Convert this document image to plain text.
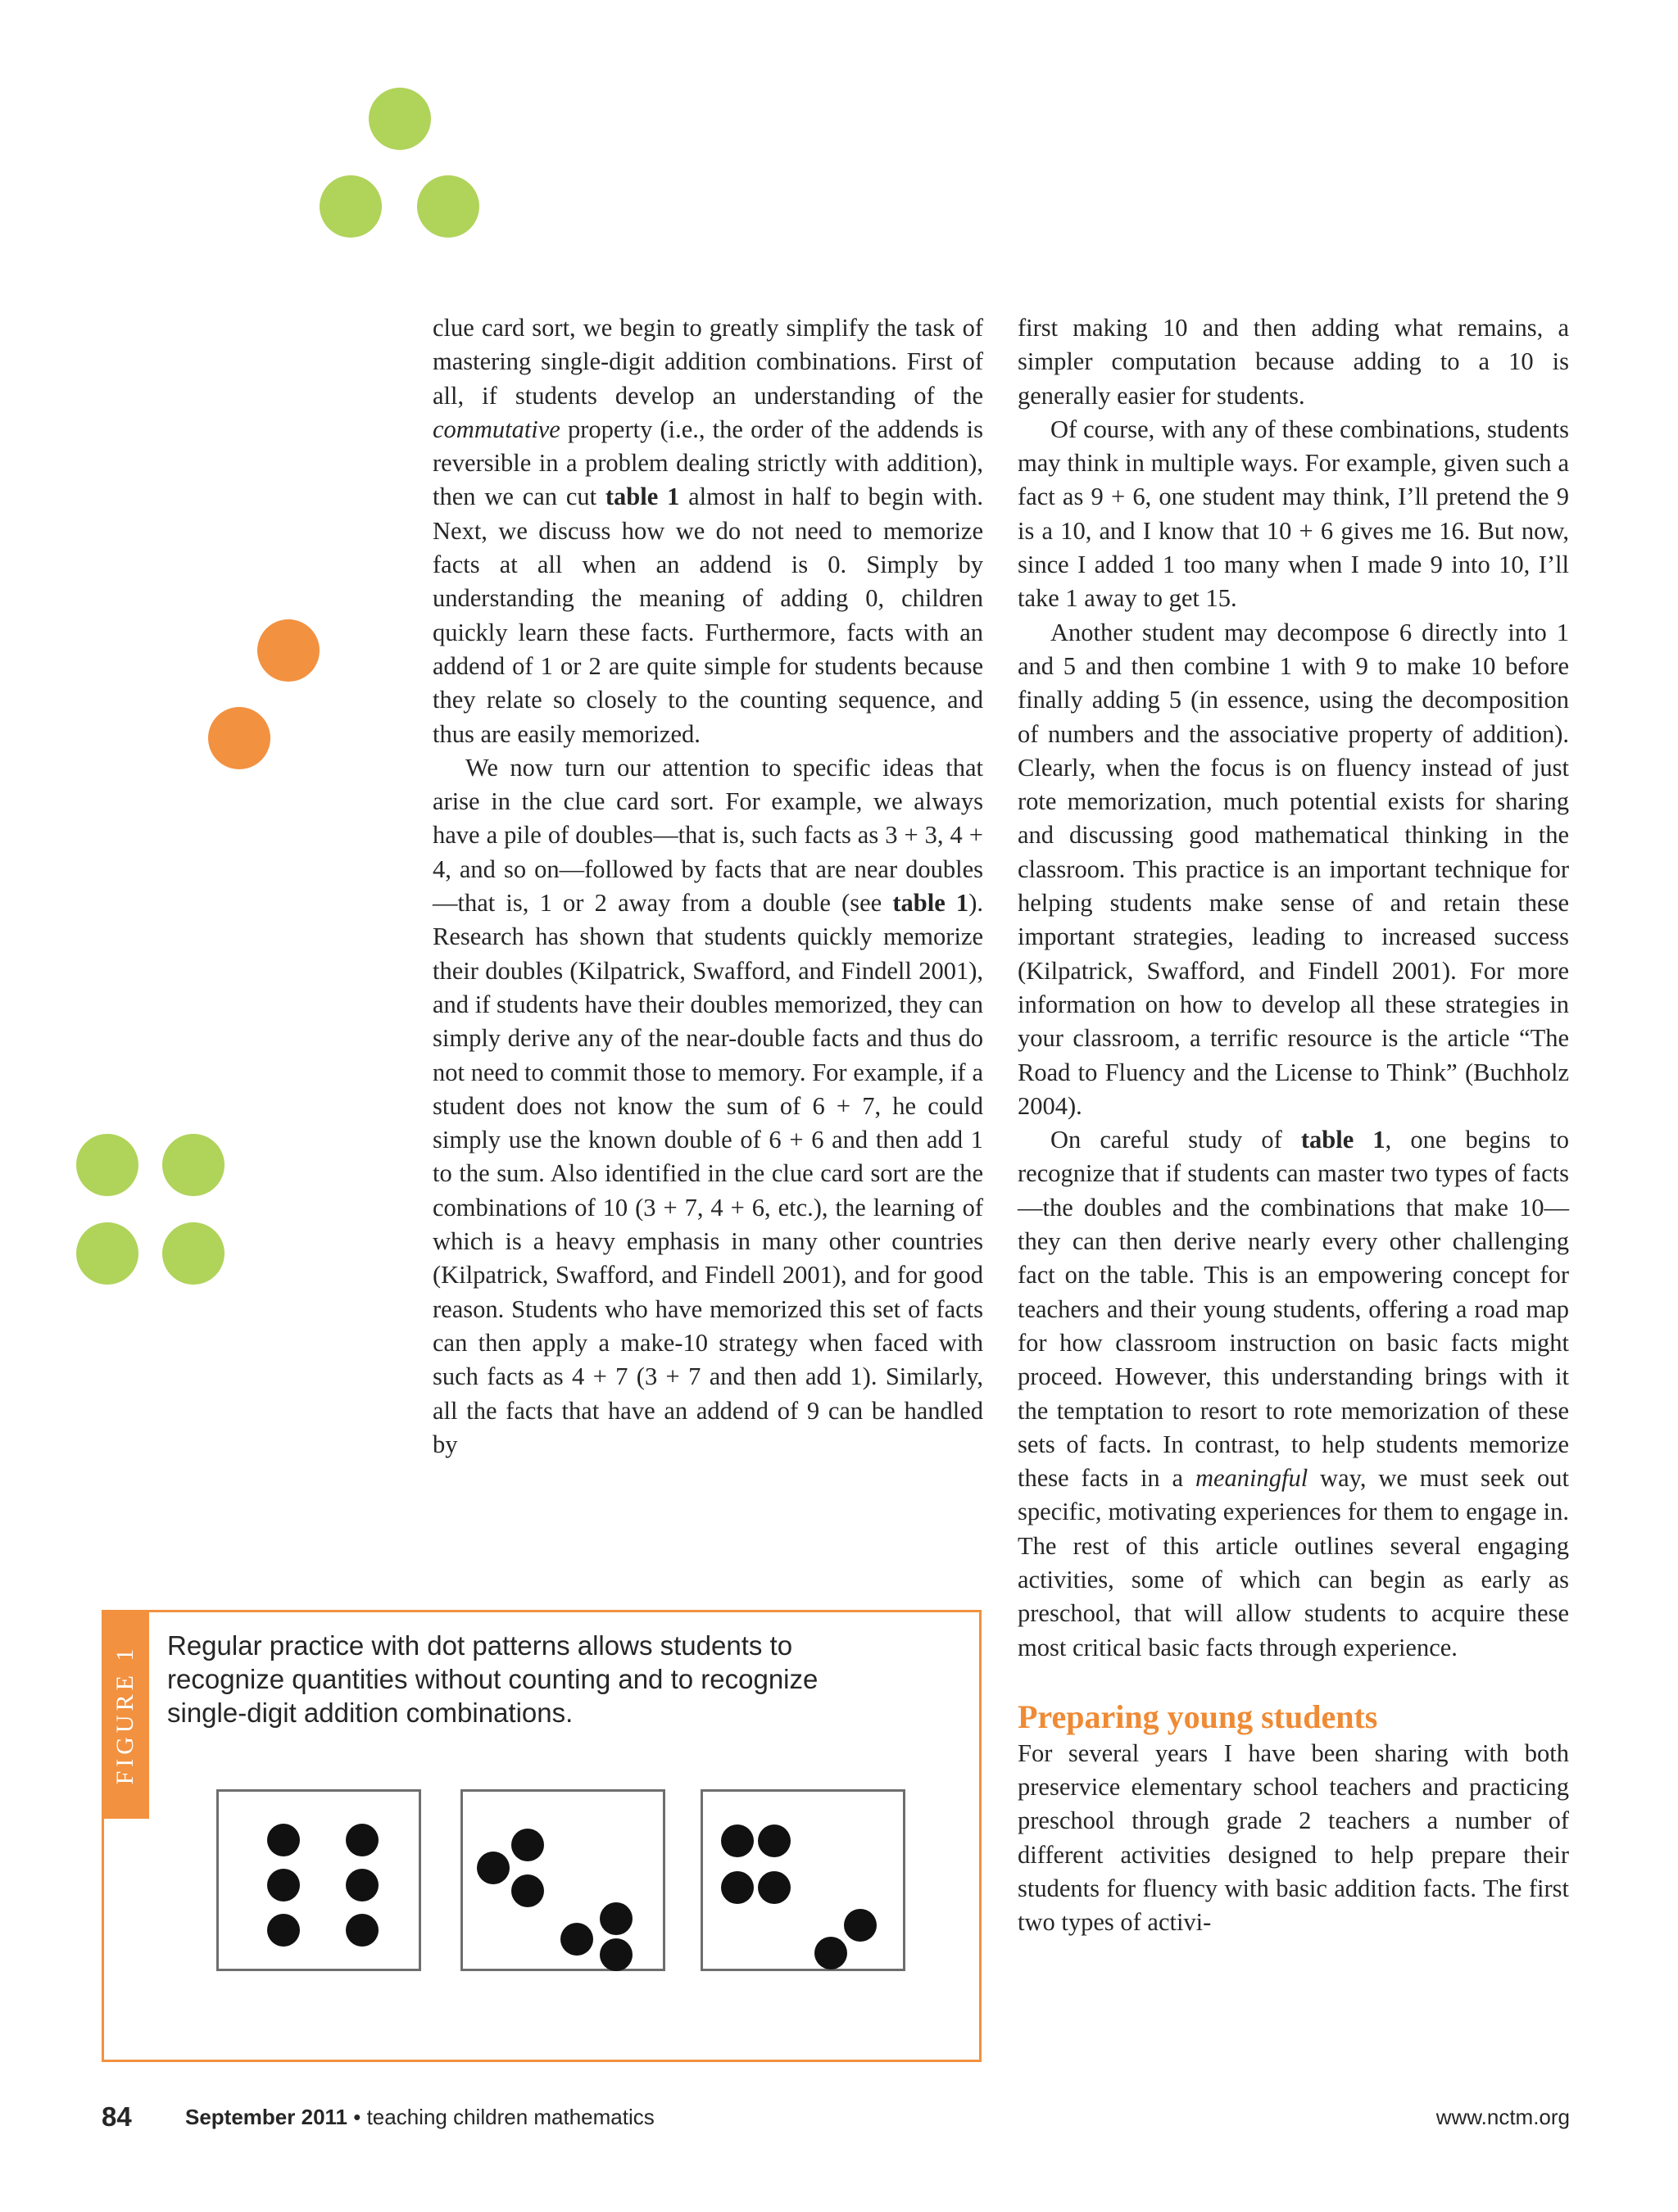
clue card sort, we begin to greatly simplify the task of mastering single-digit addition combinations. First of all, if students develop an understanding of the commutative property (i.e., the order of the addends is reversible in a problem dealing strictly with addition), then we can cut table 1 almost in half to begin with. Next, we discuss how we do not need to memorize facts at all when an addend is 0. Simply by understanding the meaning of adding 0, children quickly learn these facts. Furthermore, facts with an addend of 1 or 2 are quite simple for students because they relate so closely to the counting sequence, and thus are easily memorized.

We now turn our attention to specific ideas that arise in the clue card sort. For example, we always have a pile of doubles—that is, such facts as 3 + 3, 4 + 4, and so on—followed by facts that are near doubles—that is, 1 or 2 away from a double (see table 1). Research has shown that students quickly memorize their doubles (Kilpatrick, Swafford, and Findell 2001), and if students have their doubles memorized, they can simply derive any of the near-double facts and thus do not need to commit those to memory. For example, if a student does not know the sum of 6 + 7, he could simply use the known double of 6 + 6 and then add 1 to the sum. Also identified in the clue card sort are the combinations of 10 (3 + 7, 4 + 6, etc.), the learning of which is a heavy emphasis in many other countries (Kilpatrick, Swafford, and Findell 2001), and for good reason. Students who have memorized this set of facts can then apply a make-10 strategy when faced with such facts as 4 + 7 (3 + 7 and then add 1). Similarly, all the facts that have an addend of 9 can be handled by

first making 10 and then adding what remains, a simpler computation because adding to a 10 is generally easier for students.

Of course, with any of these combinations, students may think in multiple ways. For example, given such a fact as 9 + 6, one student may think, I’ll pretend the 9 is a 10, and I know that 10 + 6 gives me 16. But now, since I added 1 too many when I made 9 into 10, I’ll take 1 away to get 15.

Another student may decompose 6 directly into 1 and 5 and then combine 1 with 9 to make 10 before finally adding 5 (in essence, using the decomposition of numbers and the associative property of addition). Clearly, when the focus is on fluency instead of just rote memorization, much potential exists for sharing and discussing good mathematical thinking in the classroom. This practice is an important technique for helping students make sense of and retain these important strategies, leading to increased success (Kilpatrick, Swafford, and Findell 2001). For more information on how to develop all these strategies in your classroom, a terrific resource is the article “The Road to Fluency and the License to Think” (Buchholz 2004).

On careful study of table 1, one begins to recognize that if students can master two types of facts—the doubles and the combinations that make 10—they can then derive nearly every other challenging fact on the table. This is an empowering concept for teachers and their young students, offering a road map for how classroom instruction on basic facts might proceed. However, this understanding brings with it the temptation to resort to rote memorization of these sets of facts. In contrast, to help students memorize these facts in a meaningful way, we must seek out specific, motivating experiences for them to engage in. The rest of this article outlines several engaging activities, some of which can begin as early as preschool, that will allow students to acquire these most critical basic facts through experience.

Preparing young students

For several years I have been sharing with both preservice elementary school teachers and practicing preschool through grade 2 teachers a number of different activities designed to help prepare their students for fluency with basic addition facts. The first two types of activi-

FIGURE 1 Regular practice with dot patterns allows students to recognize quantities without counting and to recognize single-digit addition combinations.
84	September 2011 • teaching children mathematics	www.nctm.org
